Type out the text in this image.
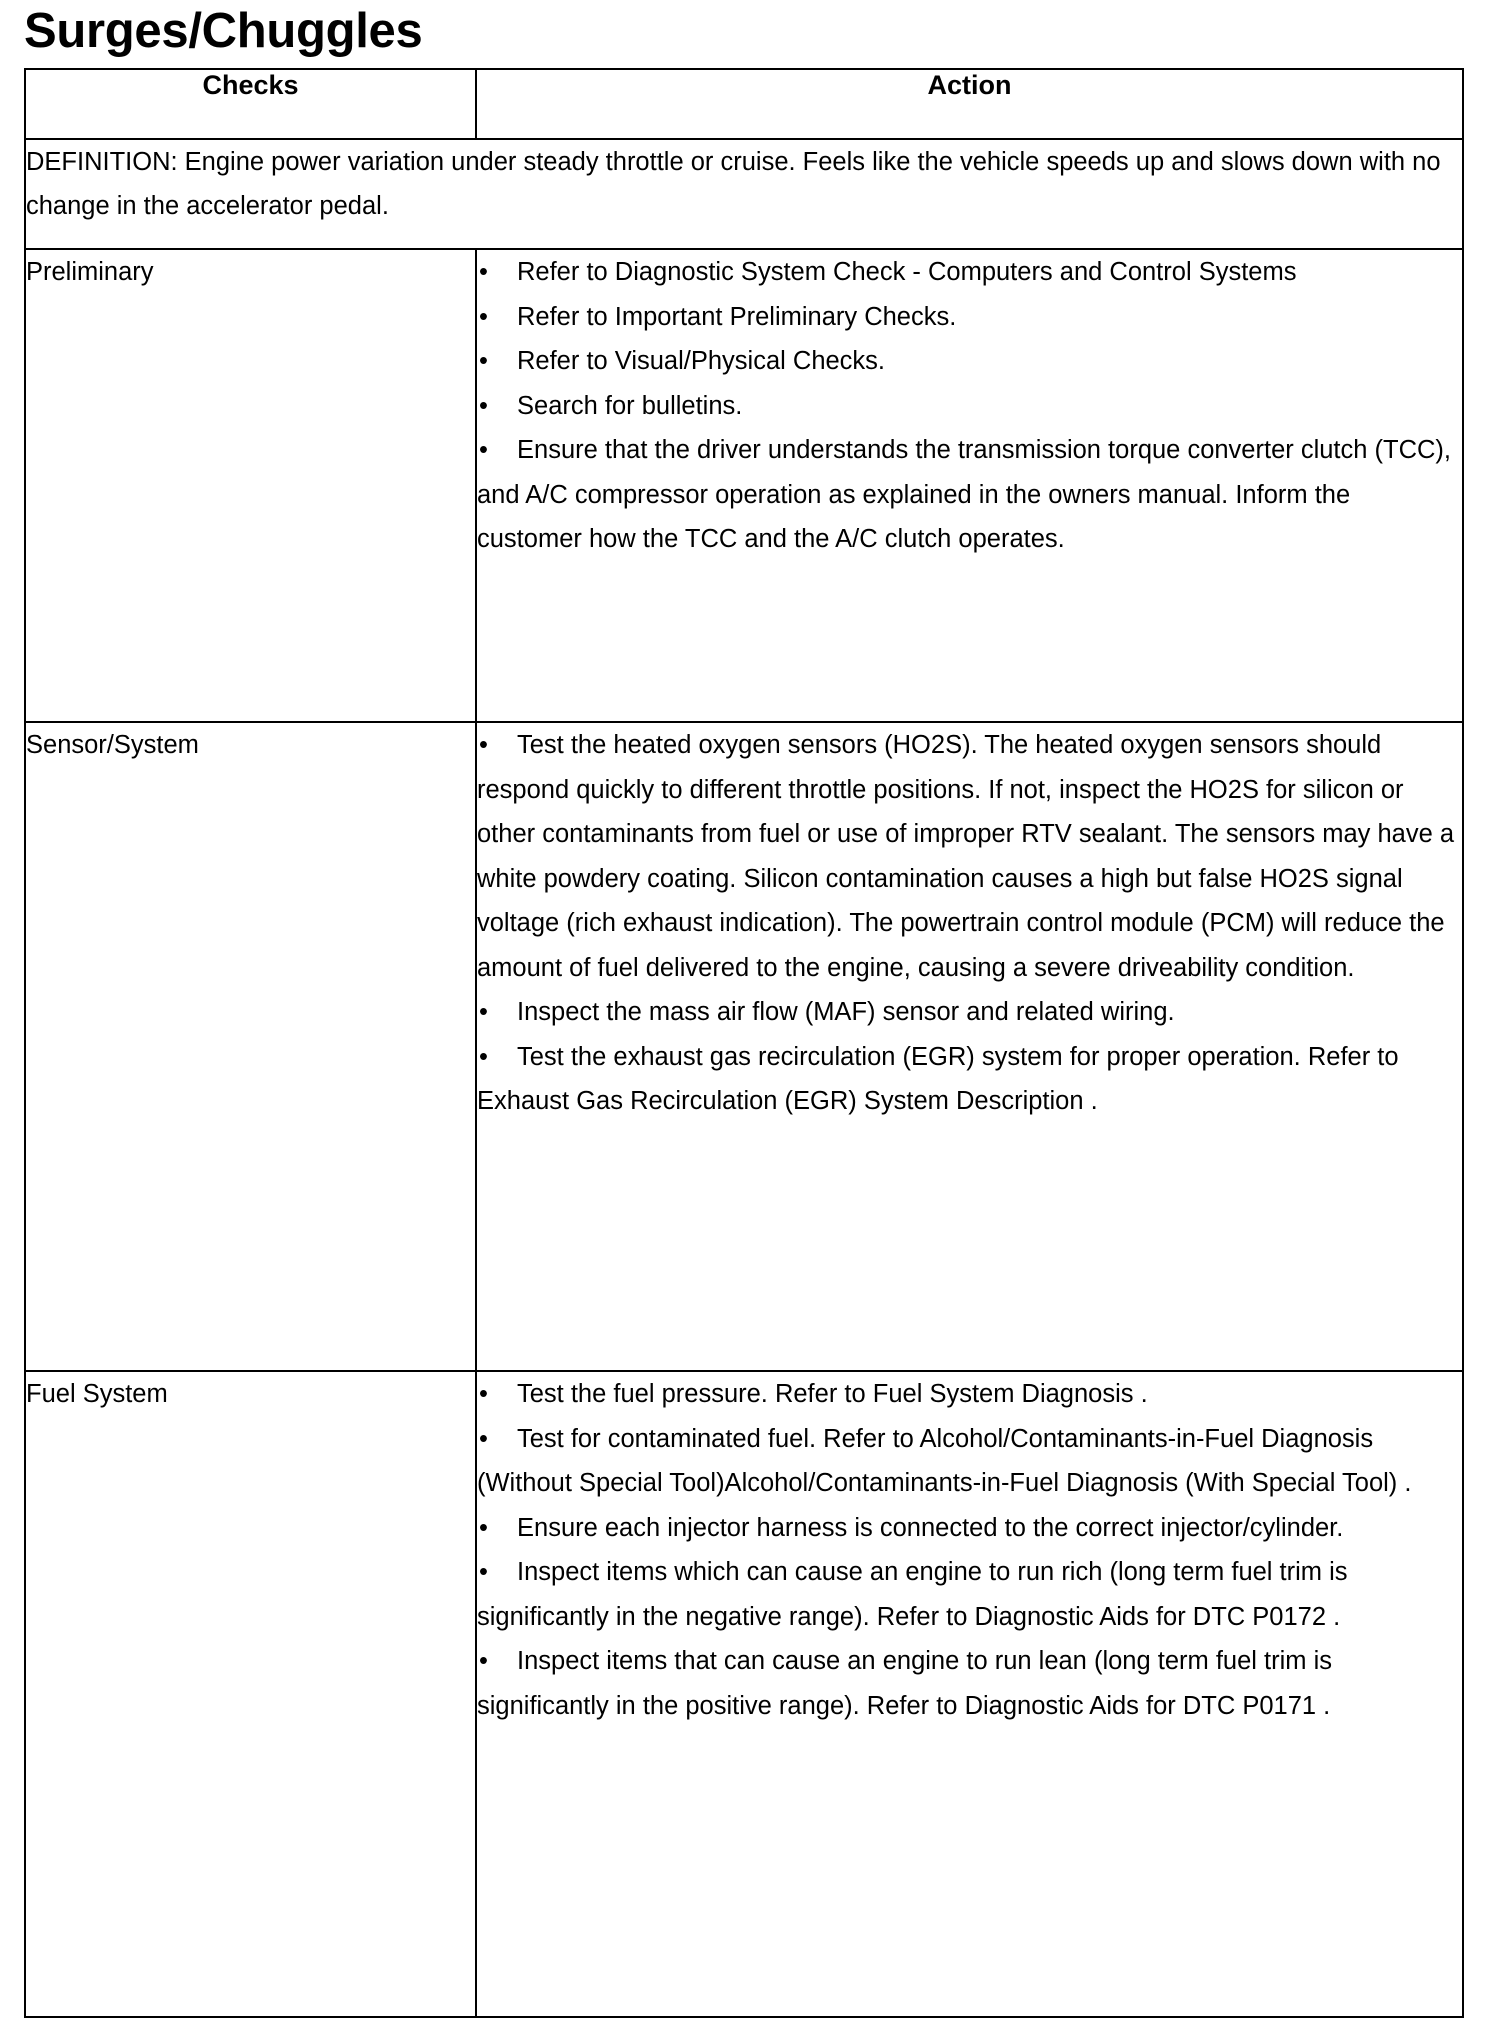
Surges/Chuggles
Checks	Action
DEFINITION: Engine power variation under steady throttle or cruise. Feels like the vehicle speeds up and slows down with no change in the accelerator pedal.	
Preliminary	• Refer to Diagnostic System Check - Computers and Control Systems

• Refer to Important Preliminary Checks.

• Refer to Visual/Physical Checks.

• Search for bulletins.

• Ensure that the driver understands the transmission torque converter clutch (TCC), and A/C compressor operation as explained in the owners manual. Inform the customer how the TCC and the A/C clutch operates.

Sensor/System	• Test the heated oxygen sensors (HO2S). The heated oxygen sensors should respond quickly to different throttle positions. If not, inspect the HO2S for silicon or other contaminants from fuel or use of improper RTV sealant. The sensors may have a white powdery coating. Silicon contamination causes a high but false HO2S signal voltage (rich exhaust indication). The powertrain control module (PCM) will reduce the amount of fuel delivered to the engine, causing a severe driveability condition.

• Inspect the mass air flow (MAF) sensor and related wiring.

• Test the exhaust gas recirculation (EGR) system for proper operation. Refer to Exhaust Gas Recirculation (EGR) System Description .

Fuel System	• Test the fuel pressure. Refer to Fuel System Diagnosis .

• Test for contaminated fuel. Refer to Alcohol/Contaminants-in-Fuel Diagnosis (Without Special Tool)Alcohol/Contaminants-in-Fuel Diagnosis (With Special Tool) .

• Ensure each injector harness is connected to the correct injector/cylinder.

• Inspect items which can cause an engine to run rich (long term fuel trim is significantly in the negative range). Refer to Diagnostic Aids for DTC P0172 .

• Inspect items that can cause an engine to run lean (long term fuel trim is significantly in the positive range). Refer to Diagnostic Aids for DTC P0171 .
